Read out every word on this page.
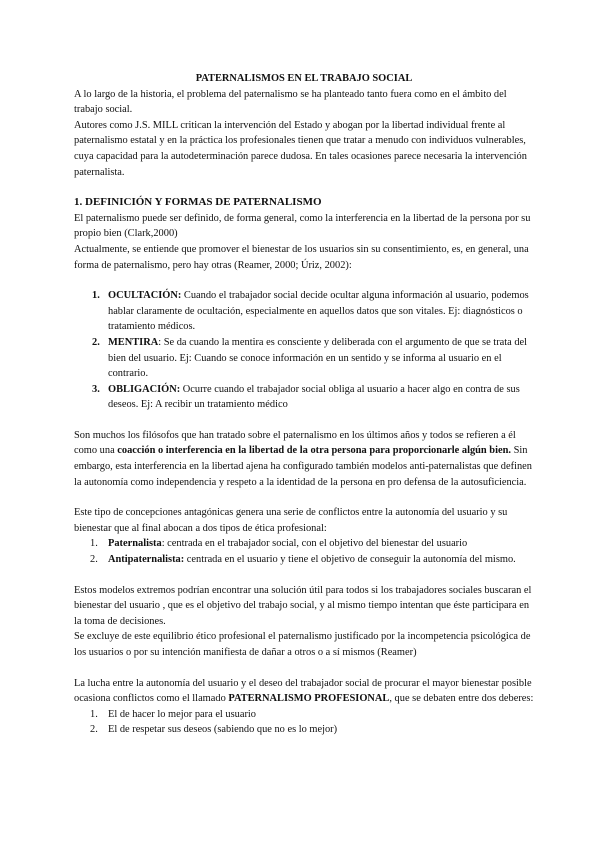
PATERNALISMOS EN EL TRABAJO SOCIAL

A lo largo de la historia, el problema del paternalismo se ha planteado tanto fuera como en el ámbito del trabajo social.

Autores como J.S. MILL critican la intervención del Estado y abogan por la libertad individual frente al paternalismo estatal y en la práctica los profesionales tienen que tratar a menudo con individuos vulnerables, cuya capacidad para la autodeterminación parece dudosa. En tales ocasiones parece necesaria la intervención paternalista.

1. DEFINICIÓN Y FORMAS DE PATERNALISMO

El paternalismo puede ser definido, de forma general, como la interferencia en la libertad de la persona por su propio bien (Clark,2000)

Actualmente, se entiende que promover el bienestar de los usuarios sin su consentimiento, es, en general, una forma de paternalismo, pero hay otras (Reamer, 2000; Úriz, 2002):

1. OCULTACIÓN: Cuando el trabajador social decide ocultar alguna información al usuario, podemos hablar claramente de ocultación, especialmente en aquellos datos que son vitales. Ej: diagnósticos o tratamiento médicos.
2. MENTIRA: Se da cuando la mentira es consciente y deliberada con el argumento de que se trata del bien del usuario. Ej: Cuando se conoce información en un sentido y se informa al usuario en el contrario.
3. OBLIGACIÓN: Ocurre cuando el trabajador social obliga al usuario a hacer algo en contra de sus deseos. Ej: A recibir un tratamiento médico

Son muchos los filósofos que han tratado sobre el paternalismo en los últimos años y todos se refieren a él como una coacción o interferencia en la libertad de la otra persona para proporcionarle algún bien. Sin embargo, esta interferencia en la libertad ajena ha configurado también modelos anti-paternalistas que definen la autonomía como independencia y respeto a la identidad de la persona en pro defensa de la autosuficiencia.

Este tipo de concepciones antagónicas genera una serie de conflictos entre la autonomía del usuario y su bienestar que al final abocan a dos tipos de ética profesional:

1. Paternalista: centrada en el trabajador social, con el objetivo del bienestar del usuario
2. Antipaternalista: centrada en el usuario y tiene el objetivo de conseguir la autonomía del mismo.

Estos modelos extremos podrían encontrar una solución útil para todos si los trabajadores sociales buscaran el bienestar del usuario , que es el objetivo del trabajo social, y al mismo tiempo intentan que éste participara en la toma de decisiones.

Se excluye de este equilibrio ético profesional el paternalismo justificado por la incompetencia psicológica de los usuarios o por su intención manifiesta de dañar a otros o a sí mismos (Reamer)

La lucha entre la autonomía del usuario y el deseo del trabajador social de procurar el mayor bienestar posible ocasiona conflictos como el llamado PATERNALISMO PROFESIONAL, que se debaten entre dos deberes:

1. El de hacer lo mejor para el usuario
2. El de respetar sus deseos (sabiendo que no es lo mejor)
